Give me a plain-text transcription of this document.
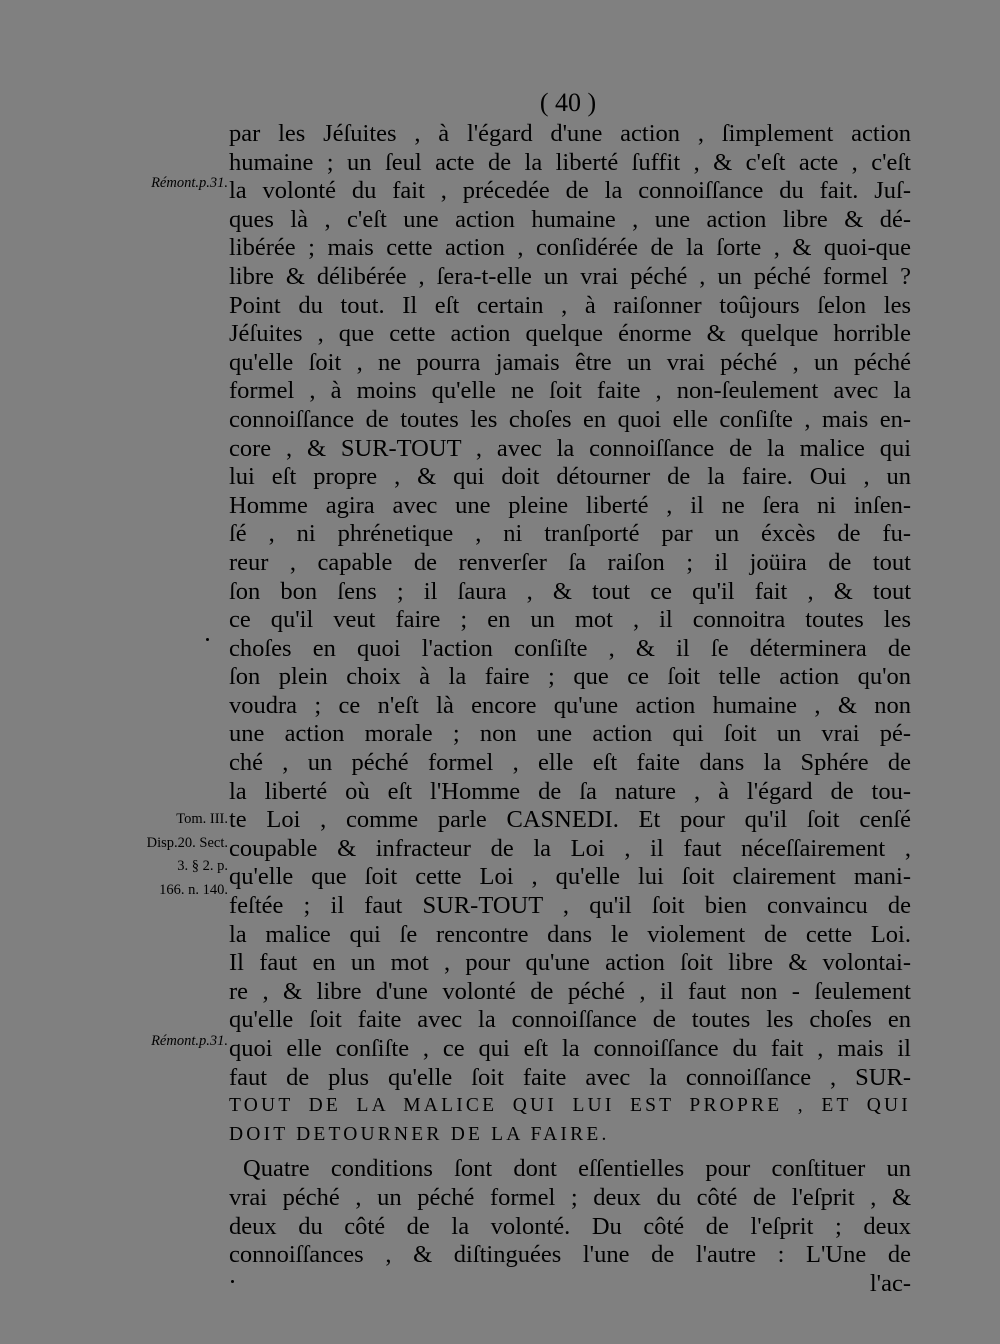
( 40 )
Rémont.p.31.
Tom. III.
Disp.20. Sect.
3. § 2. p.
166. n. 140.
Rémont.p.31.
par les Jéſuites , à l'égard d'une action , ſimplement action
humaine ; un ſeul acte de la liberté ſuffit , & c'eſt acte , c'eſt
la volonté du fait , précedée de la connoiſſance du fait. Juſ-
ques là , c'eſt une action humaine , une action libre & dé-
libérée ; mais cette action , conſidérée de la ſorte , & quoi-que
libre & délibérée , ſera-t-elle un vrai péché , un péché formel ?
Point du tout. Il eſt certain , à raiſonner toûjours ſelon les
Jéſuites , que cette action quelque énorme & quelque horrible
qu'elle ſoit , ne pourra jamais être un vrai péché , un péché
formel , à moins qu'elle ne ſoit faite , non-ſeulement avec la
connoiſſance de toutes les choſes en quoi elle conſiſte , mais en-
core , & SUR-TOUT , avec la connoiſſance de la malice qui
lui eſt propre , & qui doit détourner de la faire. Oui , un
Homme agira avec une pleine liberté , il ne ſera ni inſen-
ſé , ni phrénetique , ni tranſporté par un éxcès de fu-
reur , capable de renverſer ſa raiſon ; il joüira de tout
ſon bon ſens ; il ſaura , & tout ce qu'il fait , & tout
ce qu'il veut faire ; en un mot , il connoitra toutes les
choſes en quoi l'action conſiſte , & il ſe déterminera de
ſon plein choix à la faire ; que ce ſoit telle action qu'on
voudra ; ce n'eſt là encore qu'une action humaine , & non
une action morale ; non une action qui ſoit un vrai pé-
ché , un péché formel , elle eſt faite dans la Sphére de
la liberté où eſt l'Homme de ſa nature , à l'égard de tou-
te Loi , comme parle CASNEDI. Et pour qu'il ſoit cenſé
coupable & infracteur de la Loi , il faut néceſſairement ,
qu'elle que ſoit cette Loi , qu'elle lui ſoit clairement mani-
feſtée ; il faut SUR-TOUT , qu'il ſoit bien convaincu de
la malice qui ſe rencontre dans le violement de cette Loi.
Il faut en un mot , pour qu'une action ſoit libre & volontai-
re , & libre d'une volonté de péché , il faut non - ſeulement
qu'elle ſoit faite avec la connoiſſance de toutes les choſes en
quoi elle conſiſte , ce qui eſt la connoiſſance du fait , mais il
faut de plus qu'elle ſoit faite avec la connoiſſance , SUR-
TOUT DE LA MALICE QUI LUI EST PROPRE , ET QUI
DOIT DETOURNER DE LA FAIRE.
Quatre conditions ſont dont eſſentielles pour conſtituer un
vrai péché , un péché formel ; deux du côté de l'eſprit , &
deux du côté de la volonté. Du côté de l'eſprit ; deux
connoiſſances , & diſtinguées l'une de l'autre : L'Une de
l'ac-
